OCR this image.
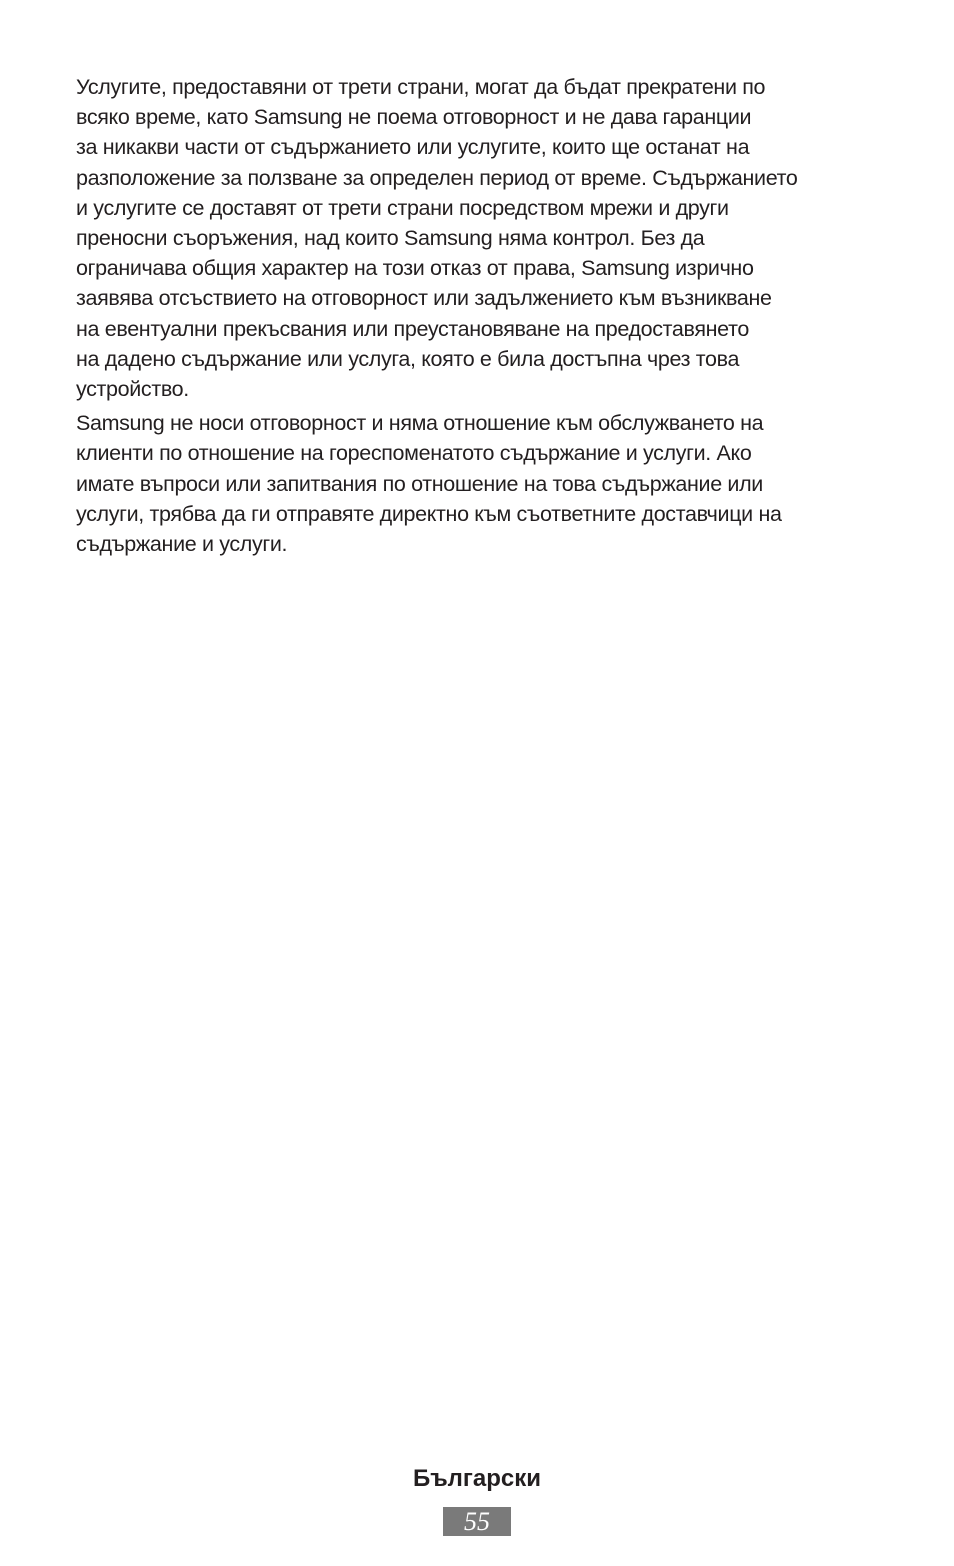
Услугите, предоставяни от трети страни, могат да бъдат прекратени по
всяко време, като Samsung не поема отговорност и не дава гаранции
за никакви части от съдържанието или услугите, които ще останат на
разположение за ползване за определен период от време. Съдържанието
и услугите се доставят от трети страни посредством мрежи и други
преносни съоръжения, над които Samsung няма контрол. Без да
ограничава общия характер на този отказ от права, Samsung изрично
заявява отсъствието на отговорност или задължението към възникване
на евентуални прекъсвания или преустановяване на предоставянето
на дадено съдържание или услуга, която е била достъпна чрез това
устройство.
Samsung не носи отговорност и няма отношение към обслужването на
клиенти по отношение на гореспоменатото съдържание и услуги. Ако
имате въпроси или запитвания по отношение на това съдържание или
услуги, трябва да ги отправяте директно към съответните доставчици на
съдържание и услуги.
Български
55
